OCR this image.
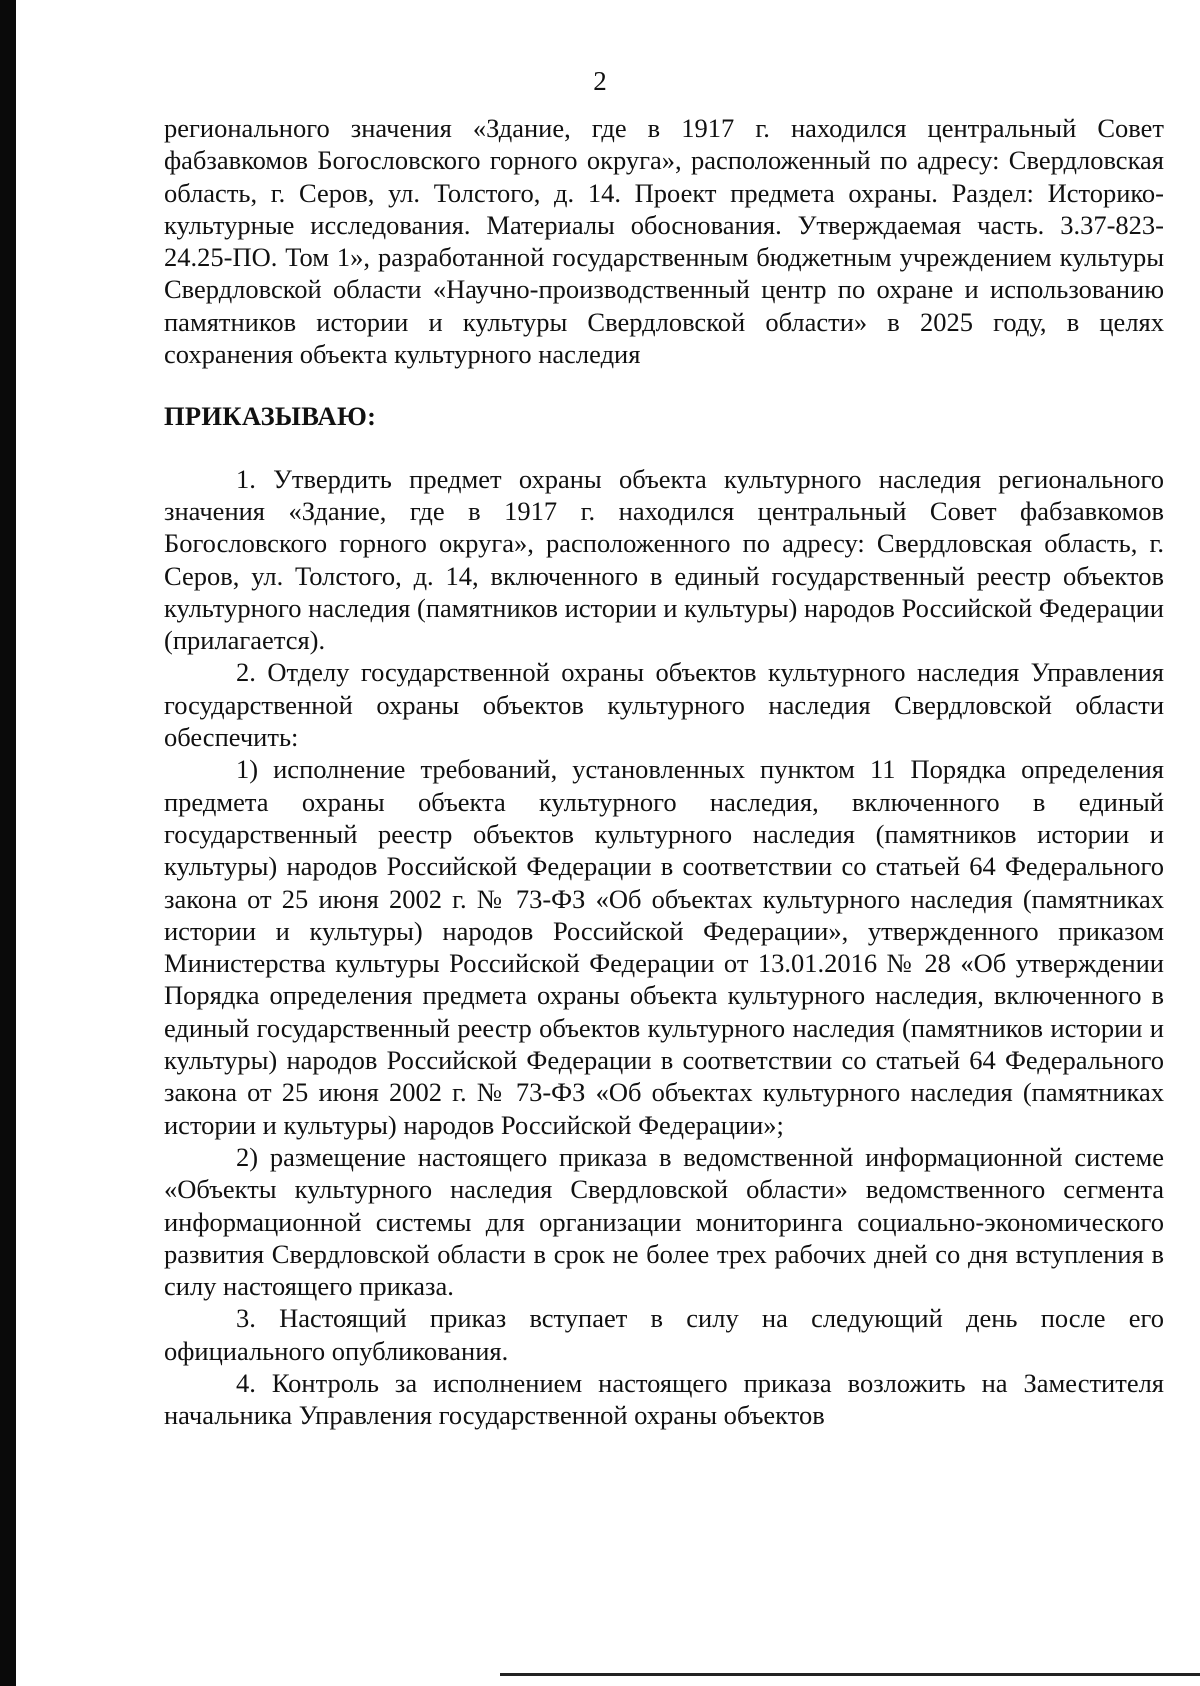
2

регионального значения «Здание, где в 1917 г. находился центральный Совет фабзавкомов Богословского горного округа», расположенный по адресу: Свердловская область, г. Серов, ул. Толстого, д. 14. Проект предмета охраны. Раздел: Историко-культурные исследования. Материалы обоснования. Утверждаемая часть. 3.37-823-24.25-ПО. Том 1», разработанной государственным бюджетным учреждением культуры Свердловской области «Научно-производственный центр по охране и использованию памятников истории и культуры Свердловской области» в 2025 году, в целях сохранения объекта культурного наследия

ПРИКАЗЫВАЮ:

1. Утвердить предмет охраны объекта культурного наследия регионального значения «Здание, где в 1917 г. находился центральный Совет фабзавкомов Богословского горного округа», расположенного по адресу: Свердловская область, г. Серов, ул. Толстого, д. 14, включенного в единый государственный реестр объектов культурного наследия (памятников истории и культуры) народов Российской Федерации (прилагается).

2. Отделу государственной охраны объектов культурного наследия Управления государственной охраны объектов культурного наследия Свердловской области обеспечить:

1) исполнение требований, установленных пунктом 11 Порядка определения предмета охраны объекта культурного наследия, включенного в единый государственный реестр объектов культурного наследия (памятников истории и культуры) народов Российской Федерации в соответствии со статьей 64 Федерального закона от 25 июня 2002 г. № 73-ФЗ «Об объектах культурного наследия (памятниках истории и культуры) народов Российской Федерации», утвержденного приказом Министерства культуры Российской Федерации от 13.01.2016 № 28 «Об утверждении Порядка определения предмета охраны объекта культурного наследия, включенного в единый государственный реестр объектов культурного наследия (памятников истории и культуры) народов Российской Федерации в соответствии со статьей 64 Федерального закона от 25 июня 2002 г. № 73-ФЗ «Об объектах культурного наследия (памятниках истории и культуры) народов Российской Федерации»;

2) размещение настоящего приказа в ведомственной информационной системе «Объекты культурного наследия Свердловской области» ведомственного сегмента информационной системы для организации мониторинга социально-экономического развития Свердловской области в срок не более трех рабочих дней со дня вступления в силу настоящего приказа.

3. Настоящий приказ вступает в силу на следующий день после его официального опубликования.

4. Контроль за исполнением настоящего приказа возложить на Заместителя начальника Управления государственной охраны объектов
